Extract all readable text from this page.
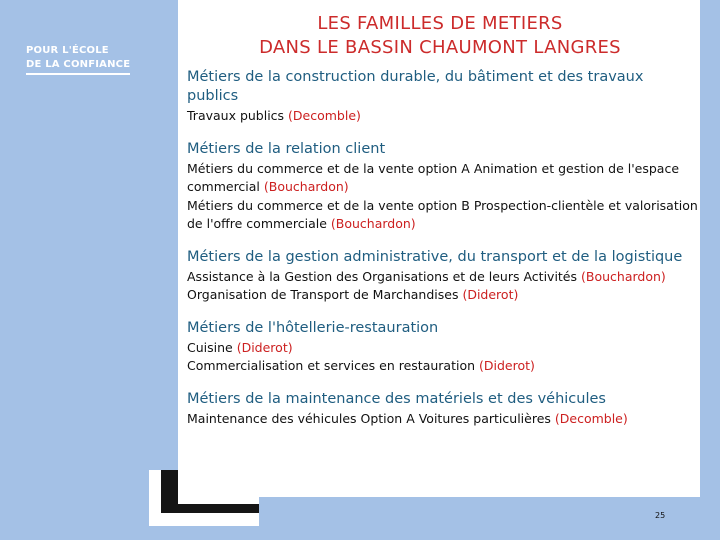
POUR L'ÉCOLE
DE LA CONFIANCE
LES FAMILLES DE METIERS
DANS LE BASSIN CHAUMONT LANGRES
Métiers de la construction durable, du bâtiment et des travaux publics
Travaux publics (Decomble)
Métiers de la relation client
Métiers du commerce et de la vente option A Animation et gestion de l'espace commercial (Bouchardon)
Métiers du commerce et de la vente option B Prospection-clientèle et valorisation de l'offre commerciale (Bouchardon)
Métiers de la gestion administrative, du transport et de la logistique
Assistance à la Gestion des Organisations et de leurs Activités (Bouchardon)
Organisation de Transport de Marchandises (Diderot)
Métiers de l'hôtellerie-restauration
Cuisine (Diderot)
Commercialisation et services en restauration (Diderot)
Métiers de la maintenance des matériels et des véhicules
Maintenance des véhicules Option A Voitures particulières (Decomble)
25
